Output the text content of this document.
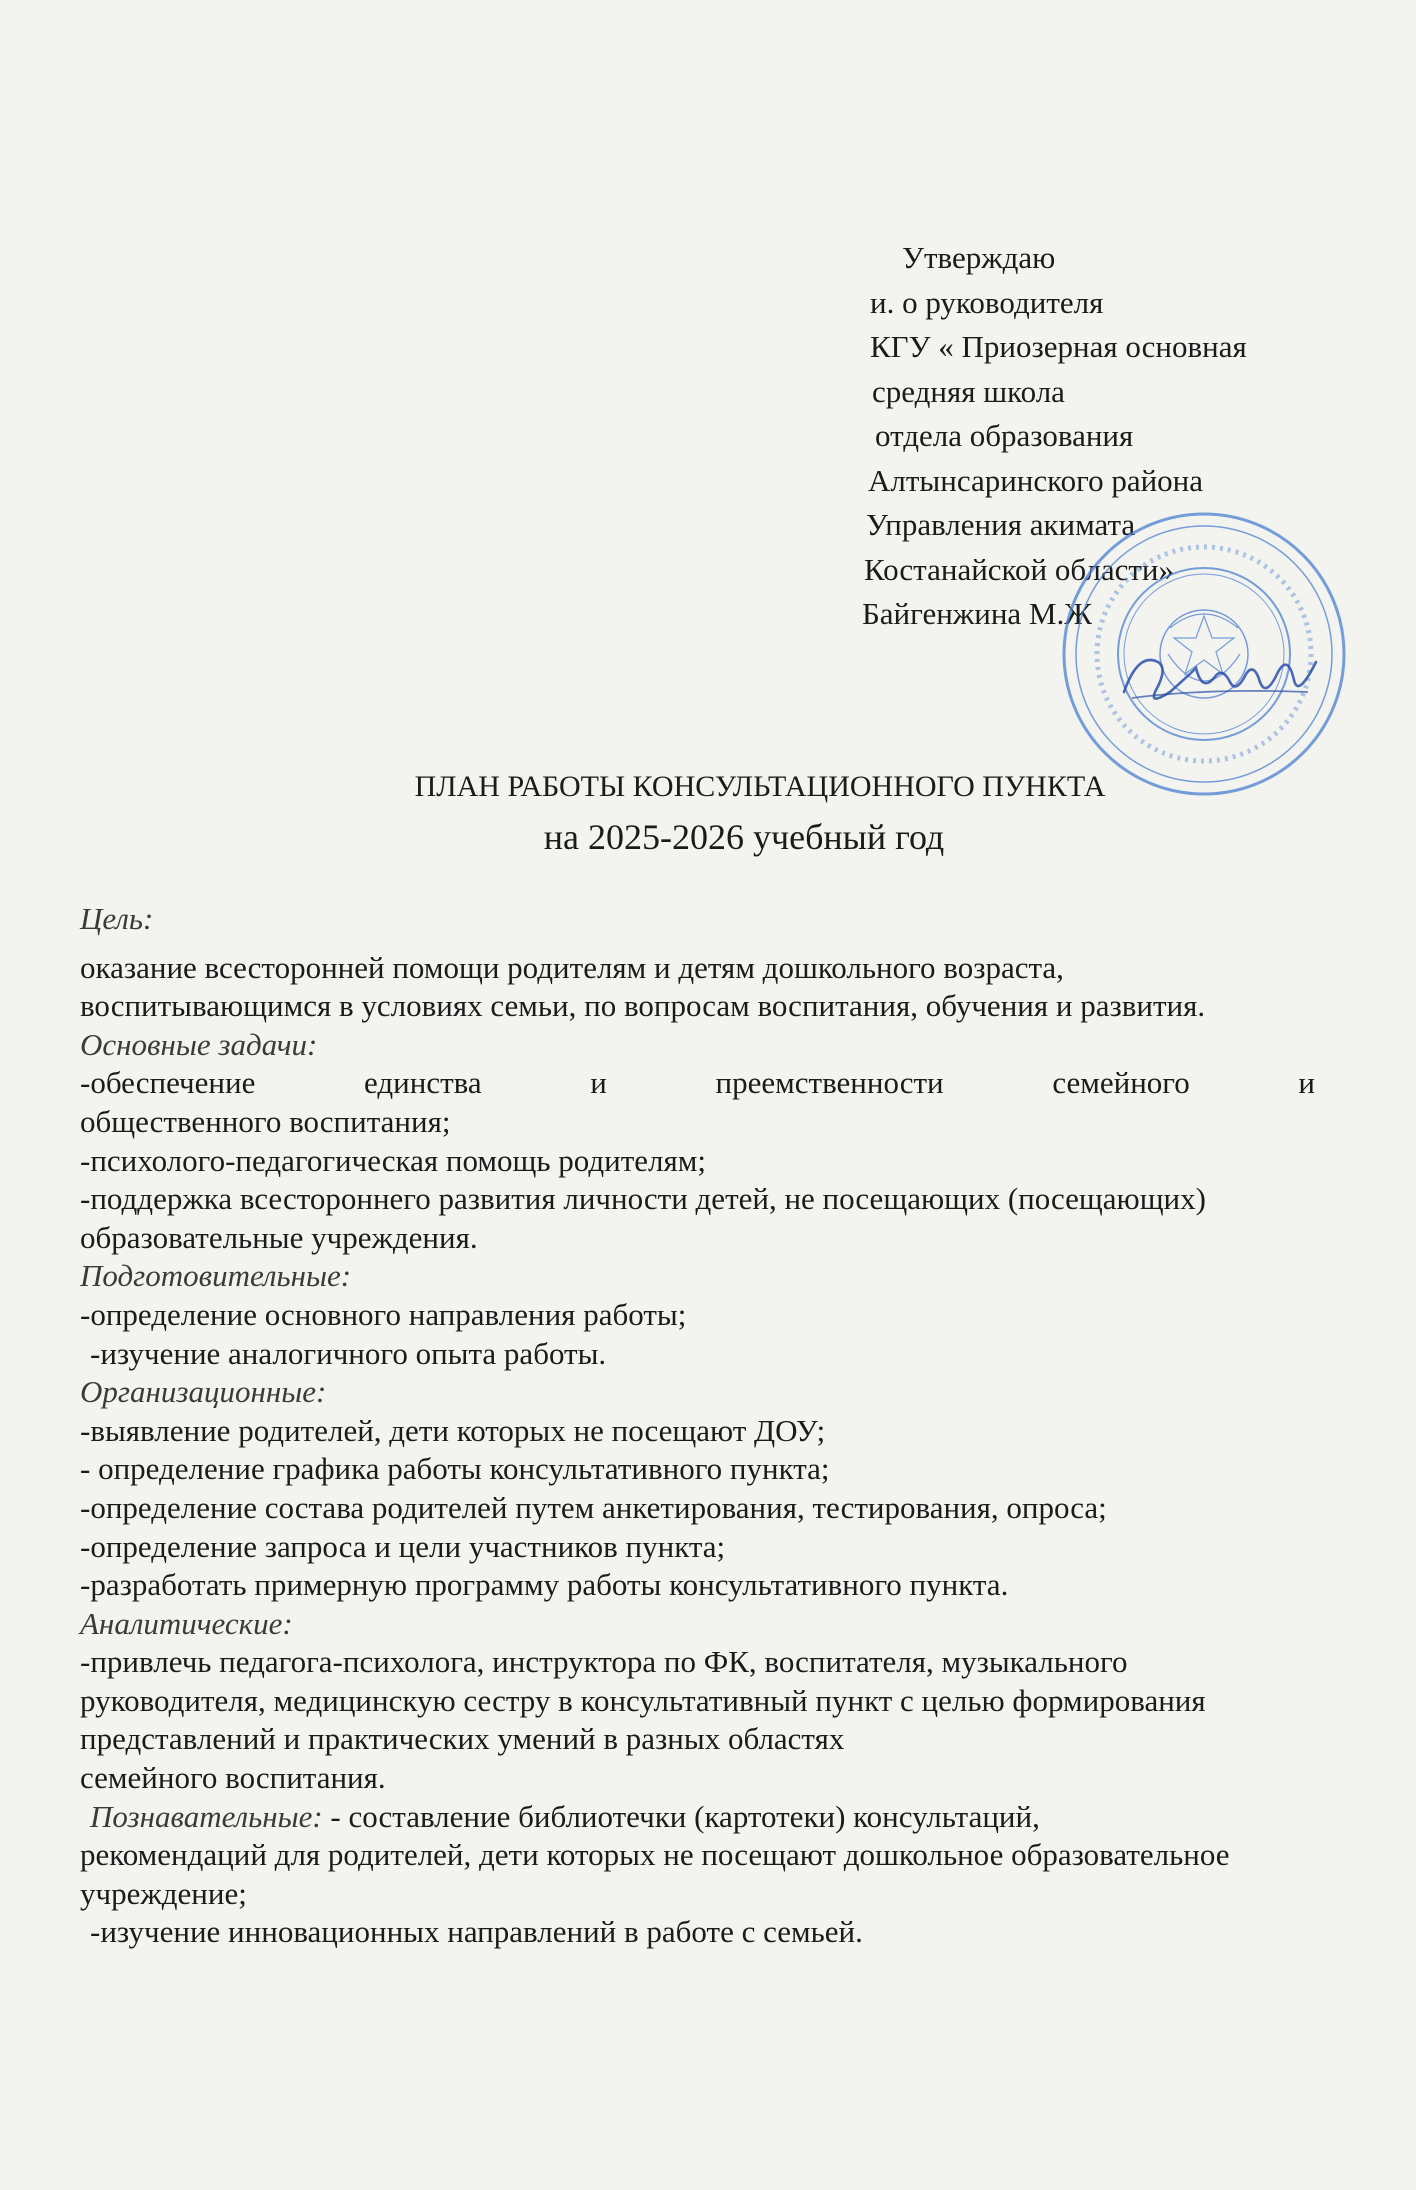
Утверждаю
и. о руководителя
КГУ « Приозерная основная
средняя школа
отдела образования
Алтынсаринского района
Управления акимата
Костанайской области»
Байгенжина М.Ж
ПЛАН РАБОТЫ КОНСУЛЬТАЦИОННОГО ПУНКТА
на 2025-2026 учебный год

Цель:

оказание всесторонней помощи родителям и детям дошкольного возраста,

воспитывающимся в условиях семьи, по вопросам воспитания, обучения и развития.

Основные задачи:

-обеспечение единства и преемственности семейного и

общественного воспитания;

-психолого-педагогическая помощь родителям;

-поддержка всестороннего развития личности детей, не посещающих (посещающих)

образовательные учреждения.

Подготовительные:

-определение основного направления работы;

-изучение аналогичного опыта работы.

Организационные:

-выявление родителей, дети которых не посещают ДОУ;

- определение графика работы консультативного пункта;

-определение состава родителей путем анкетирования, тестирования, опроса;

-определение запроса и цели участников пункта;

-разработать примерную программу работы консультативного пункта.

Аналитические:

-привлечь педагога-психолога, инструктора по ФК, воспитателя, музыкального

руководителя, медицинскую сестру в консультативный пункт с целью формирования

представлений и практических умений в разных областях

семейного воспитания.

Познавательные: - составление библиотечки (картотеки) консультаций,

рекомендаций для родителей, дети которых не посещают дошкольное образовательное

учреждение;

-изучение инновационных направлений в работе с семьей.
